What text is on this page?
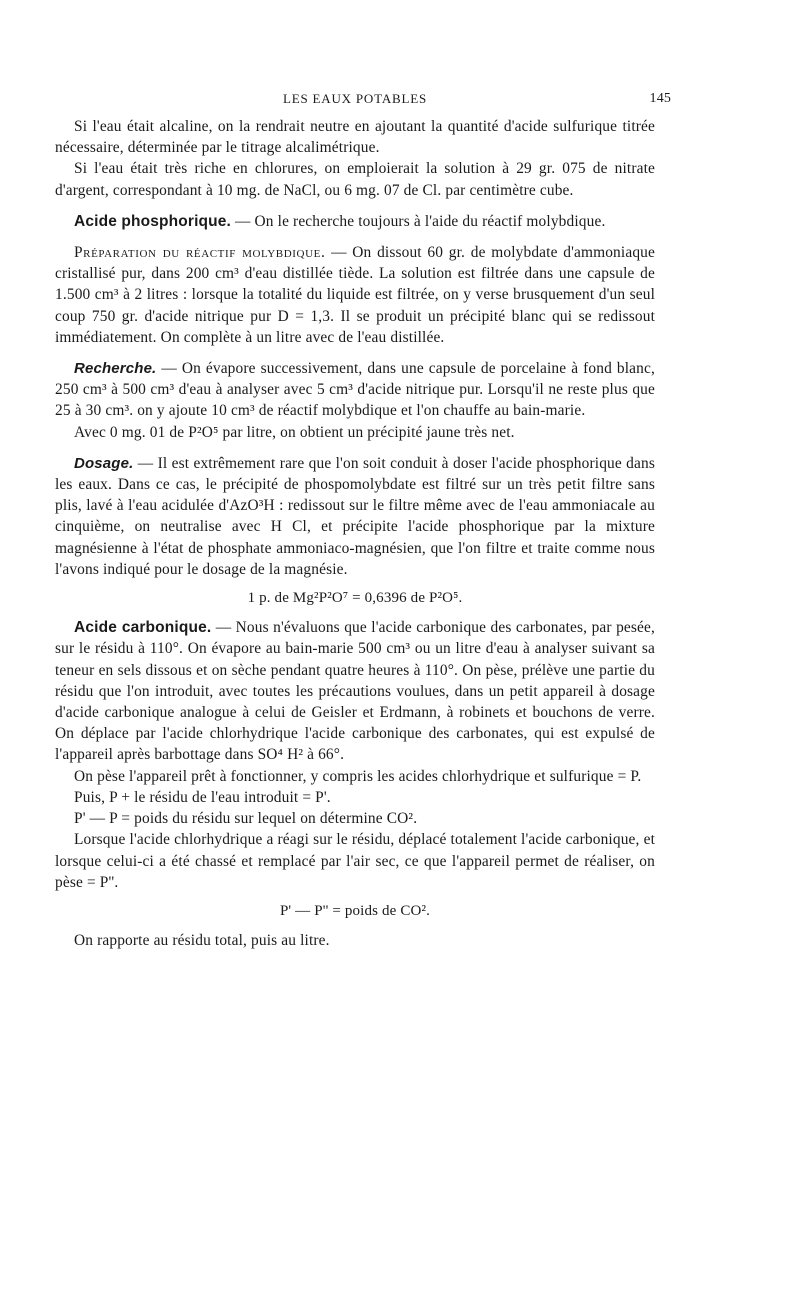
LES EAUX POTABLES	145

Si l'eau était alcaline, on la rendrait neutre en ajoutant la quantité d'acide sulfurique titrée nécessaire, déterminée par le titrage alcalimétrique.

Si l'eau était très riche en chlorures, on emploierait la solution à 29 gr. 075 de nitrate d'argent, correspondant à 10 mg. de NaCl, ou 6 mg. 07 de Cl. par centimètre cube.

Acide phosphorique. — On le recherche toujours à l'aide du réactif molybdique.

Préparation du réactif molybdique. — On dissout 60 gr. de molybdate d'ammoniaque cristallisé pur, dans 200 cm³ d'eau distillée tiède. La solution est filtrée dans une capsule de 1.500 cm³ à 2 litres : lorsque la totalité du liquide est filtrée, on y verse brusquement d'un seul coup 750 gr. d'acide nitrique pur D = 1,3. Il se produit un précipité blanc qui se redissout immédiatement. On complète à un litre avec de l'eau distillée.

Recherche. — On évapore successivement, dans une capsule de porcelaine à fond blanc, 250 cm³ à 500 cm³ d'eau à analyser avec 5 cm³ d'acide nitrique pur. Lorsqu'il ne reste plus que 25 à 30 cm³. on y ajoute 10 cm³ de réactif molybdique et l'on chauffe au bain-marie.

Avec 0 mg. 01 de P²O⁵ par litre, on obtient un précipité jaune très net.

Dosage. — Il est extrêmement rare que l'on soit conduit à doser l'acide phosphorique dans les eaux. Dans ce cas, le précipité de phospomolybdate est filtré sur un très petit filtre sans plis, lavé à l'eau acidulée d'AzO³H : redissout sur le filtre même avec de l'eau ammoniacale au cinquième, on neutralise avec H Cl, et précipite l'acide phosphorique par la mixture magnésienne à l'état de phosphate ammoniaco-magnésien, que l'on filtre et traite comme nous l'avons indiqué pour le dosage de la magnésie.

1 p. de Mg²P²O⁷ = 0,6396 de P²O⁵.

Acide carbonique. — Nous n'évaluons que l'acide carbonique des carbonates, par pesée, sur le résidu à 110°. On évapore au bain-marie 500 cm³ ou un litre d'eau à analyser suivant sa teneur en sels dissous et on sèche pendant quatre heures à 110°. On pèse, prélève une partie du résidu que l'on introduit, avec toutes les précautions voulues, dans un petit appareil à dosage d'acide carbonique analogue à celui de Geisler et Erdmann, à robinets et bouchons de verre. On déplace par l'acide chlorhydrique l'acide carbonique des carbonates, qui est expulsé de l'appareil après barbottage dans SO⁴ H² à 66°.

On pèse l'appareil prêt à fonctionner, y compris les acides chlorhydrique et sulfurique = P.

Puis, P + le résidu de l'eau introduit = P'.

P' — P = poids du résidu sur lequel on détermine CO².

Lorsque l'acide chlorhydrique a réagi sur le résidu, déplacé totalement l'acide carbonique, et lorsque celui-ci a été chassé et remplacé par l'air sec, ce que l'appareil permet de réaliser, on pèse = P''.

P' — P'' = poids de CO².

On rapporte au résidu total, puis au litre.
